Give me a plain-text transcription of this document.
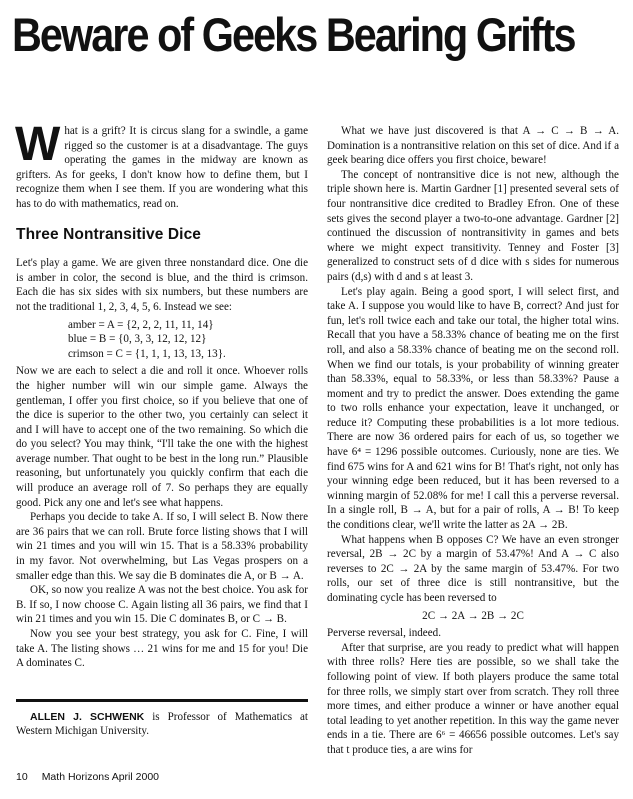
Beware of Geeks Bearing Grifts

What is a grift? It is circus slang for a swindle, a game rigged so the customer is at a disadvantage. The guys operating the games in the midway are known as grifters. As for geeks, I don't know how to define them, but I recognize them when I see them. If you are wondering what this has to do with mathematics, read on.

Three Nontransitive Dice

Let's play a game. We are given three nonstandard dice. One die is amber in color, the second is blue, and the third is crimson. Each die has six sides with six numbers, but these numbers are not the traditional 1, 2, 3, 4, 5, 6. Instead we see:

amber = A = {2, 2, 2, 11, 11, 14}
blue = B = {0, 3, 3, 12, 12, 12}
crimson = C = {1, 1, 1, 13, 13, 13}.

Now we are each to select a die and roll it once. Whoever rolls the higher number will win our simple game. Always the gentleman, I offer you first choice, so if you believe that one of the dice is superior to the other two, you certainly can select it and I will have to accept one of the two remaining. So which die do you select? You may think, “I'll take the one with the highest average number. That ought to be best in the long run.” Plausible reasoning, but unfortunately you quickly confirm that each die will produce an average roll of 7. So perhaps they are equally good. Pick any one and let's see what happens.

Perhaps you decide to take A. If so, I will select B. Now there are 36 pairs that we can roll. Brute force listing shows that I will win 21 times and you will win 15. That is a 58.33% probability in my favor. Not overwhelming, but Las Vegas prospers on a smaller edge than this. We say die B dominates die A, or B → A.

OK, so now you realize A was not the best choice. You ask for B. If so, I now choose C. Again listing all 36 pairs, we find that I win 21 times and you win 15. Die C dominates B, or C → B.

Now you see your best strategy, you ask for C. Fine, I will take A. The listing shows … 21 wins for me and 15 for you! Die A dominates C.

ALLEN J. SCHWENK is Professor of Mathematics at Western Michigan University.

What we have just discovered is that A → C → B → A. Domination is a nontransitive relation on this set of dice. And if a geek bearing dice offers you first choice, beware!

The concept of nontransitive dice is not new, although the triple shown here is. Martin Gardner [1] presented several sets of four nontransitive dice credited to Bradley Efron. One of these sets gives the second player a two-to-one advantage. Gardner [2] continued the discussion of nontransitivity in games and bets where we might expect transitivity. Tenney and Foster [3] generalized to construct sets of d dice with s sides for numerous pairs (d,s) with d and s at least 3.

Let's play again. Being a good sport, I will select first, and take A. I suppose you would like to have B, correct? And just for fun, let's roll twice each and take our total, the higher total wins. Recall that you have a 58.33% chance of beating me on the first roll, and also a 58.33% chance of beating me on the second roll. When we find our totals, is your probability of winning greater than 58.33%, equal to 58.33%, or less than 58.33%? Pause a moment and try to predict the answer. Does extending the game to two rolls enhance your expectation, leave it unchanged, or reduce it? Computing these probabilities is a lot more tedious. There are now 36 ordered pairs for each of us, so together we have 6⁴ = 1296 possible outcomes. Curiously, none are ties. We find 675 wins for A and 621 wins for B! That's right, not only has your winning edge been reduced, but it has been reversed to a winning margin of 52.08% for me! I call this a perverse reversal. In a single roll, B → A, but for a pair of rolls, A → B! To keep the conditions clear, we'll write the latter as 2A → 2B.

What happens when B opposes C? We have an even stronger reversal, 2B → 2C by a margin of 53.47%! And A → C also reverses to 2C → 2A by the same margin of 53.47%. For two rolls, our set of three dice is still nontransitive, but the dominating cycle has been reversed to

2C → 2A → 2B → 2C

Perverse reversal, indeed.

After that surprise, are you ready to predict what will happen with three rolls? Here ties are possible, so we shall take the following point of view. If both players produce the same total for three rolls, we simply start over from scratch. They roll three more times, and either produce a winner or have another equal total leading to yet another repetition. In this way the game never ends in a tie. There are 6⁶ = 46656 possible outcomes. Let's say that t produce ties, a are wins for

10 Math Horizons April 2000
